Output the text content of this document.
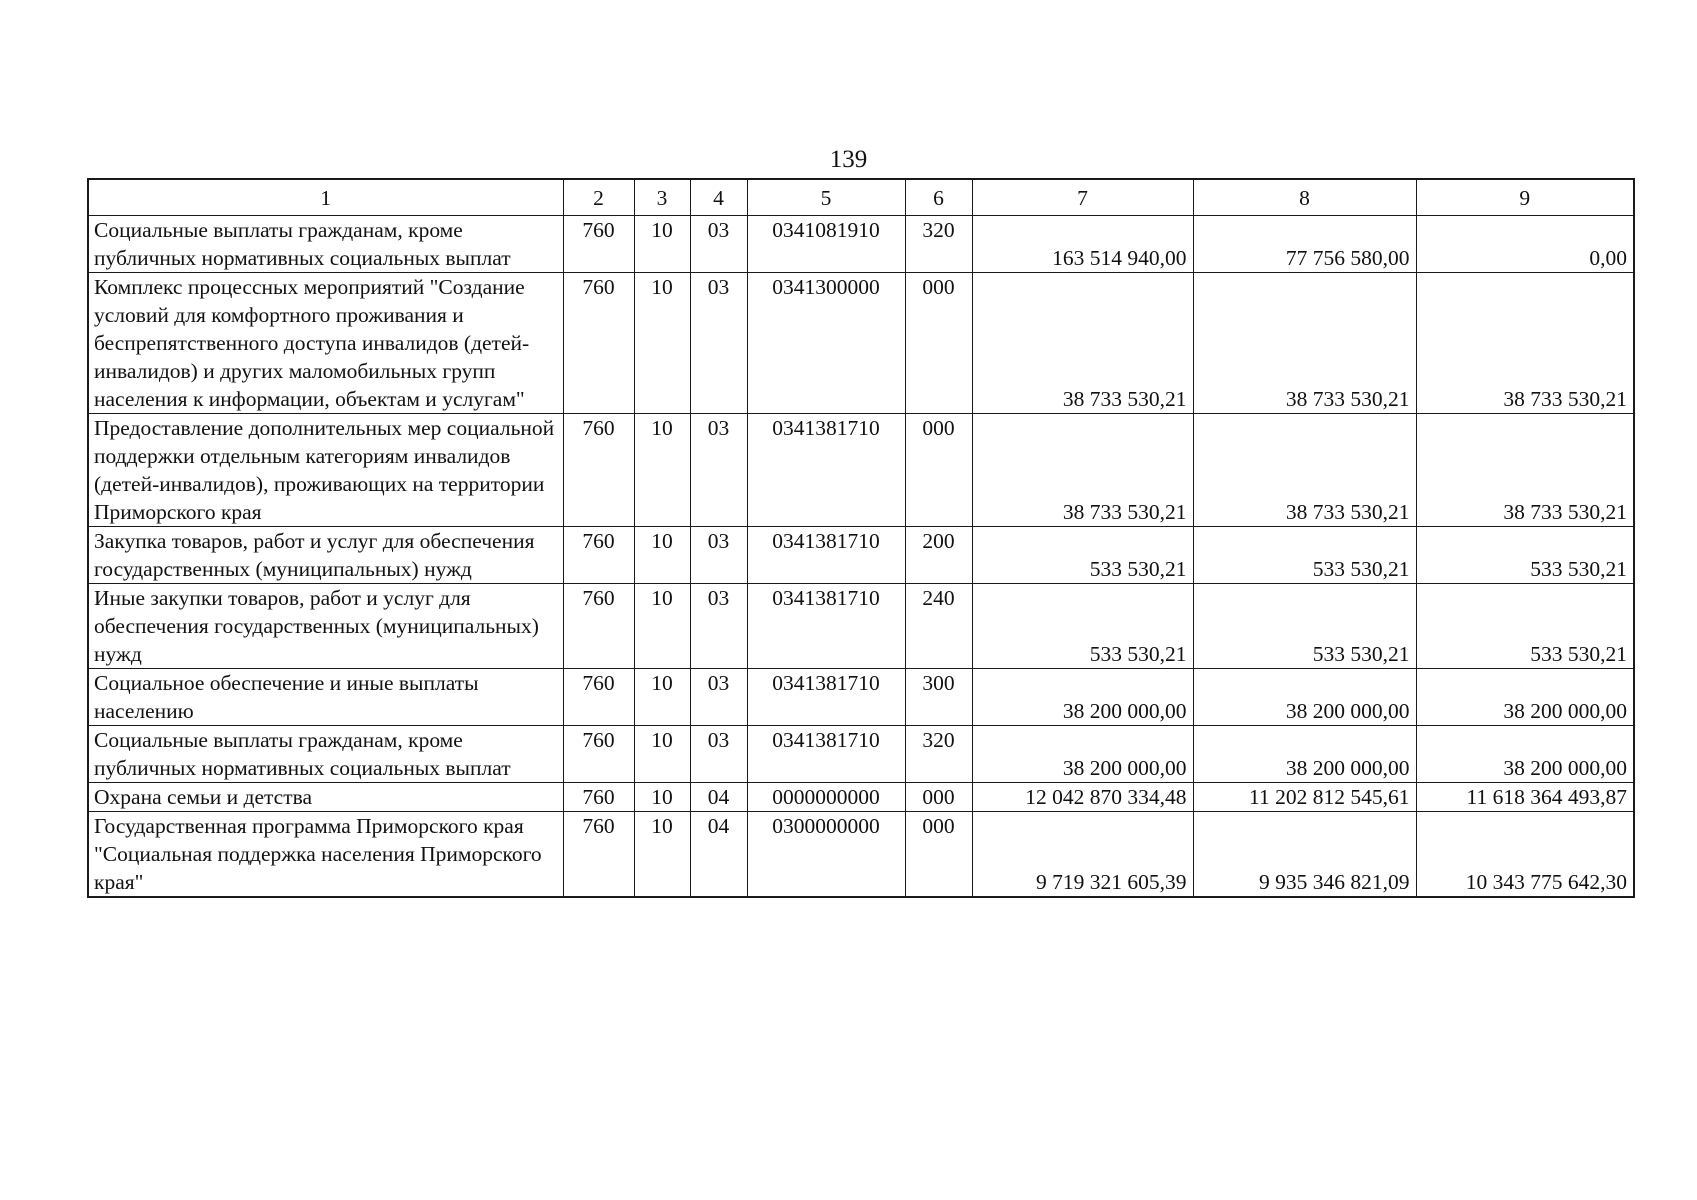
139
1	2	3	4	5	6	7	8	9
Социальные выплаты гражданам, кроме публичных нормативных социальных выплат	760	10	03	0341081910	320	163 514 940,00	77 756 580,00	0,00
Комплекс процессных мероприятий "Создание условий для комфортного проживания и беспрепятственного доступа инвалидов (детей-инвалидов) и других маломобильных групп населения к информации, объектам и услугам"	760	10	03	0341300000	000	38 733 530,21	38 733 530,21	38 733 530,21
Предоставление дополнительных мер социальной поддержки отдельным категориям инвалидов (детей-инвалидов), проживающих на территории Приморского края	760	10	03	0341381710	000	38 733 530,21	38 733 530,21	38 733 530,21
Закупка товаров, работ и услуг для обеспечения государственных (муниципальных) нужд	760	10	03	0341381710	200	533 530,21	533 530,21	533 530,21
Иные закупки товаров, работ и услуг для обеспечения государственных (муниципальных) нужд	760	10	03	0341381710	240	533 530,21	533 530,21	533 530,21
Социальное обеспечение и иные выплаты населению	760	10	03	0341381710	300	38 200 000,00	38 200 000,00	38 200 000,00
Социальные выплаты гражданам, кроме публичных нормативных социальных выплат	760	10	03	0341381710	320	38 200 000,00	38 200 000,00	38 200 000,00
Охрана семьи и детства	760	10	04	0000000000	000	12 042 870 334,48	11 202 812 545,61	11 618 364 493,87
Государственная программа Приморского края "Социальная поддержка населения Приморского края"	760	10	04	0300000000	000	9 719 321 605,39	9 935 346 821,09	10 343 775 642,30
